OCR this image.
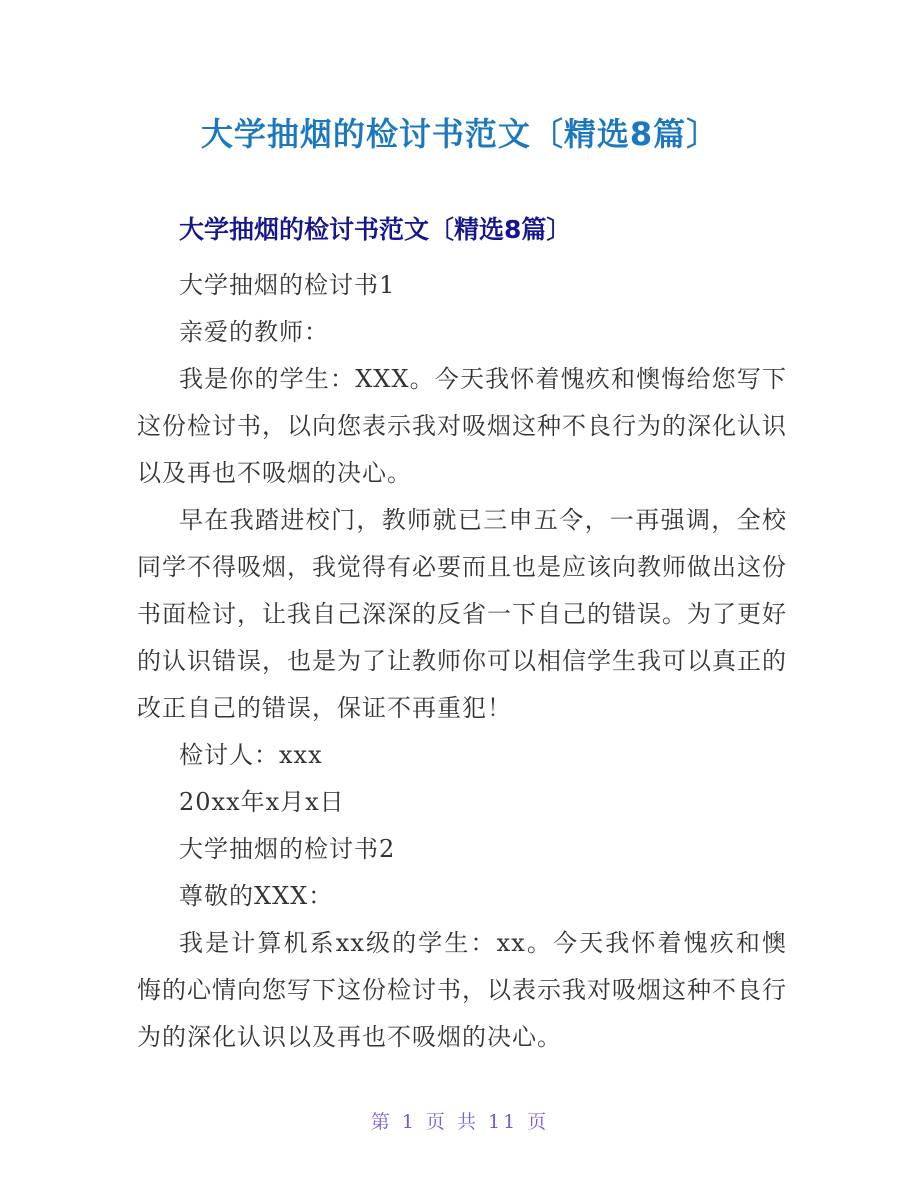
大学抽烟的检讨书范文〔精选8篇〕
大学抽烟的检讨书范文〔精选8篇〕

大学抽烟的检讨书1

亲爱的教师：

我是你的学生：XXX。今天我怀着愧疚和懊悔给您写下这份检讨书，以向您表示我对吸烟这种不良行为的深化认识以及再也不吸烟的决心。

早在我踏进校门，教师就已三申五令，一再强调，全校同学不得吸烟，我觉得有必要而且也是应该向教师做出这份书面检讨，让我自己深深的反省一下自己的错误。为了更好的认识错误，也是为了让教师你可以相信学生我可以真正的改正自己的错误，保证不再重犯！

检讨人：xxx

20xx年x月x日

大学抽烟的检讨书2

尊敬的XXX：

我是计算机系xx级的学生：xx。今天我怀着愧疚和懊悔的心情向您写下这份检讨书，以表示我对吸烟这种不良行为的深化认识以及再也不吸烟的决心。

第 1 页 共 11 页
